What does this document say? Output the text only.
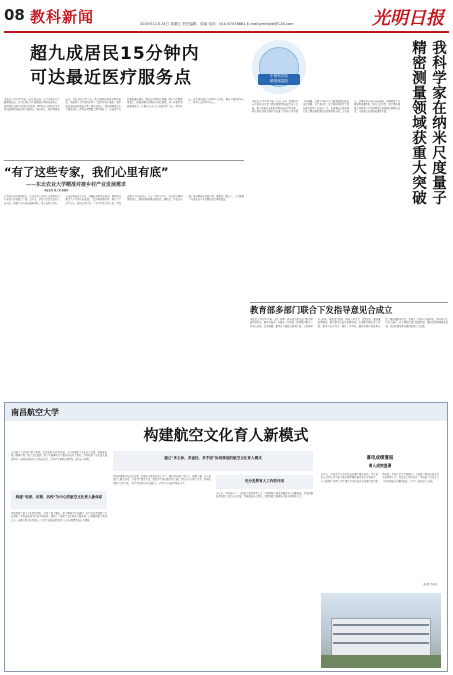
08 教科新闻	2020年11月24日 星期五 责任编辑：周南 电话：010-67078881 E-mail:gmrbjkb@126.com	光明日报
超九成居民15分钟内
可达最近医疗服务点
本报北京11月27日电（记者 陈海波）记者从国家卫生健康委获悉，第六次国家卫生服务统计调查结果显示，我国居民就医可及性持续改善，90%以上的居民15分钟内能够到达最近医疗服务点。调查显示，居民两周患病率、住院率均有所上升，医疗服务利用效率明显提高。基层医疗卫生机构承担了大量基本医疗服务，城乡居民就诊选择更加合理。调查还显示，居民健康素养水平稳步提升，慢性病管理覆盖面不断扩大，家庭医生签约服务逐步推开，群众获得感持续增强。国家卫生健康委表示，将继续推进分级诊疗制度建设，进一步提升基层服务能力，让群众在家门口就能看得上病、看得好病。此次调查覆盖全国31个省份，调查户数约9.4万户，样本人口约25.6万人。
中国科学院
精准测量院
本报北京11月27日电（记者 齐芳）我国科学家在纳米尺度量子精密测量领域取得重大突破，相关成果日前发表于国际权威学术期刊。研究团队利用金刚石中的氮-空位色心作为量子传感器，实现了对单个分子磁共振谱的高灵敏度探测，为生命科学、化学和材料科学等领域研究提供了全新的工具。该成果标志着我国在量子精密测量领域已跻身国际前列。专家表示，这项技术有望在疾病诊断、药物研发等方面发挥重要作用。研究人员介绍，量子精密测量是利用量子力学原理进行超高精度测量的技术，其灵敏度远超传统测量手段。	我科学家在纳米尺度量子
精密测量领域获重大突破
“有了这些专家，我们心里有底”
——东北农业大学精准对接乡村产业发展需求
本报记者 张士英 陈建军
在黑龙江省的田间地头，东北农业大学的专家教授们常年奔波在乡村振兴一线。近年来，学校立足龙江农业大省实际，组建了多支科技服务团队，深入农村合作社、家庭农场和龙头企业，开展技术指导与培训，帮助农民解决生产中的实际难题。“过去种地靠经验，现在有了这些专家，我们心里有底。”一位合作社负责人说。学校还建立了科技小院、专家工作站等平台，将实验室搬到田间地头，推动科研成果就地转化。据统计，学校每年推广新品种新技术数百项，服务农户数万户，有力助推了当地农业产业升级和农民增收致富。
教育部多部门联合下发指导意见合成立
本报北京11月27日电（记者 邓晖）教育部等部门近日联合印发指导意见，要求各地进一步健全工作机制，统筹推进相关工作落实落地。意见明确，要坚持立德树人根本任务，完善协同育人体系，强化部门联动，形成工作合力。意见提出，要加强统筹规划，建立健全常态化协调机制，定期研究解决重大问题；要压实各方责任，细化工作举措，确保各项任务落到实处；要加强督导评估，将相关工作纳入考核体系。教育部有关负责人表示，将会同相关部门加强指导，推动意见精神落地见效，为加快建设教育强国提供有力支撑。
南昌航空大学
构建航空文化育人新模式
南昌航空大学秉承“航空报国、追求卓越”的办学传统，充分挖掘航空文化育人资源，构建起以航空精神引领、航空文化浸润、航空实践锤炼为主要内容的育人体系。学校将航空文化融入课程教学、校园活动和社会实践全过程，引导学生厚植家国情怀，树立远大理想。
构建“名师、名课、名校”为中心的航空文化育人新体系
学校组建了航空文化教学团队，开设了航空概论、航空精神等特色课程，编写出版系列航空文化教材。学校依托航空特色学科优势，建设了一批航空文化教育实践基地，定期邀请航空领域专家、英模人物来校作报告，让学生近距离感受航空人的家国情怀和奋斗精神。
建立“多主体、多途径、多手段”协同推进的航空文化育人模式
学校积极整合校内外资源，搭建多方联动的育人平台。通过举办航空文化节、航模大赛、无人机设计大赛等活动，丰富学生课余生活，激发学生探索蓝天的兴趣。学校与多家航空企业、科研院所建立合作关系，为学生提供实习实践机会，让学生在实践中增长才干。
充分发挥育人工作的作用
多年来，学校培养了一大批航空领域优秀人才，为我国航空事业发展作出了重要贡献。学校将继续深化航空文化育人改革，不断创新育人模式，为建设航空强国培养更多高素质人才。
喜讯成绩喜报
育人成效显著
近年来，学校学生在各类科技竞赛中屡获佳绩。学生团队在全国大学生航空航天模型锦标赛中获得多项冠军，在“挑战杯”全国大学生课外学术科技作品竞赛中取得优异成绩。学校毕业生中涌现出一大批航空领域的技术骨干和管理人才，深受用人单位好评。学校航空文化育人工作经验被多家媒体报道，产生了良好的社会反响。
（孙 辉 尹佳欣）
